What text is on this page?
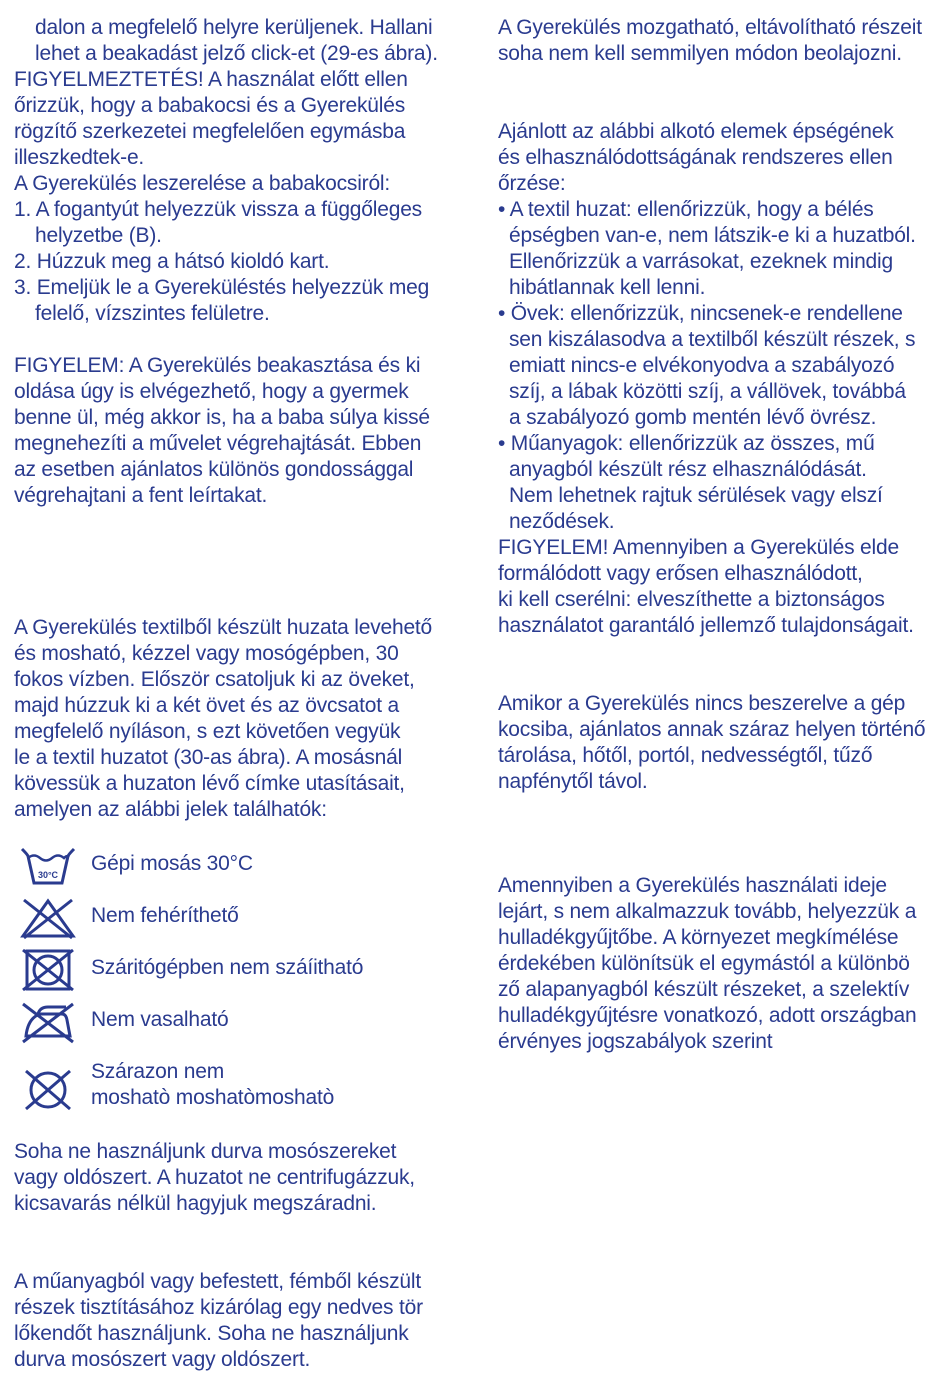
dalon a megfelelő helyre kerüljenek. Hallani
lehet a beakadást jelző click-et (29-es ábra).
FIGYELMEZTETÉS! A használat előtt ellen
őrizzük, hogy a babakocsi és a Gyerekülés
rögzítő szerkezetei megfelelően egymásba
illeszkedtek-e.
A Gyerekülés leszerelése a babakocsiról:
1. A fogantyút helyezzük vissza a függőleges
helyzetbe (B).
2. Húzzuk meg a hátsó kioldó kart.
3. Emeljük le a Gyereküléstés helyezzük meg
felelő, vízszintes felületre.
FIGYELEM: A Gyerekülés beakasztása és ki
oldása úgy is elvégezhető, hogy a gyermek
benne ül, még akkor is, ha a baba súlya kissé
megnehezíti a művelet végrehajtását. Ebben
az esetben ajánlatos különös gondossággal
végrehajtani a fent leírtakat.
A Gyerekülés textilből készült huzata levehető
és mosható, kézzel vagy mosógépben, 30
fokos vízben. Először csatoljuk ki az öveket,
majd húzzuk ki a két övet és az övcsatot a
megfelelő nyíláson, s ezt követően vegyük
le a textil huzatot (30-as ábra). A mosásnál
kövessük a huzaton lévő címke utasításait,
amelyen az alábbi jelek találhatók:
30°C Gépi mosás 30°C
Nem fehéríthető
Száritógépben nem száíitható
Nem vasalható
Szárazon nem
moshatò moshatòmoshatò
Soha ne használjunk durva mosószereket
vagy oldószert. A huzatot ne centrifugázzuk,
kicsavarás nélkül hagyjuk megszáradni.
A műanyagból vagy befestett, fémből készült
részek tisztításához kizárólag egy nedves tör
lőkendőt használjunk. Soha ne használjunk
durva mosószert vagy oldószert.
A Gyerekülés mozgatható, eltávolítható részeit
soha nem kell semmilyen módon beolajozni.
Ajánlott az alábbi alkotó elemek épségének
és elhasználódottságának rendszeres ellen
őrzése:
• A textil huzat: ellenőrizzük, hogy a bélés
épségben van-e, nem látszik-e ki a huzatból.
Ellenőrizzük a varrásokat, ezeknek mindig
hibátlannak kell lenni.
• Övek: ellenőrizzük, nincsenek-e rendellene
sen kiszálasodva a textilből készült részek, s
emiatt nincs-e elvékonyodva a szabályozó
szíj, a lábak közötti szíj, a vállövek, továbbá
a szabályozó gomb mentén lévő övrész.
• Műanyagok: ellenőrizzük az összes, mű
anyagból készült rész elhasználódását.
Nem lehetnek rajtuk sérülések vagy elszí
neződések.
FIGYELEM! Amennyiben a Gyerekülés elde
formálódott vagy erősen elhasználódott,
ki kell cserélni: elveszíthette a biztonságos
használatot garantáló jellemző tulajdonságait.
Amikor a Gyerekülés nincs beszerelve a gép
kocsiba, ajánlatos annak száraz helyen történő
tárolása, hőtől, portól, nedvességtől, tűző
napfénytől távol.
Amennyiben a Gyerekülés használati ideje
lejárt, s nem alkalmazzuk tovább, helyezzük a
hulladékgyűjtőbe. A környezet megkímélése
érdekében különítsük el egymástól a különbö
ző alapanyagból készült részeket, a szelektív
hulladékgyűjtésre vonatkozó, adott országban
érvényes jogszabályok szerint
